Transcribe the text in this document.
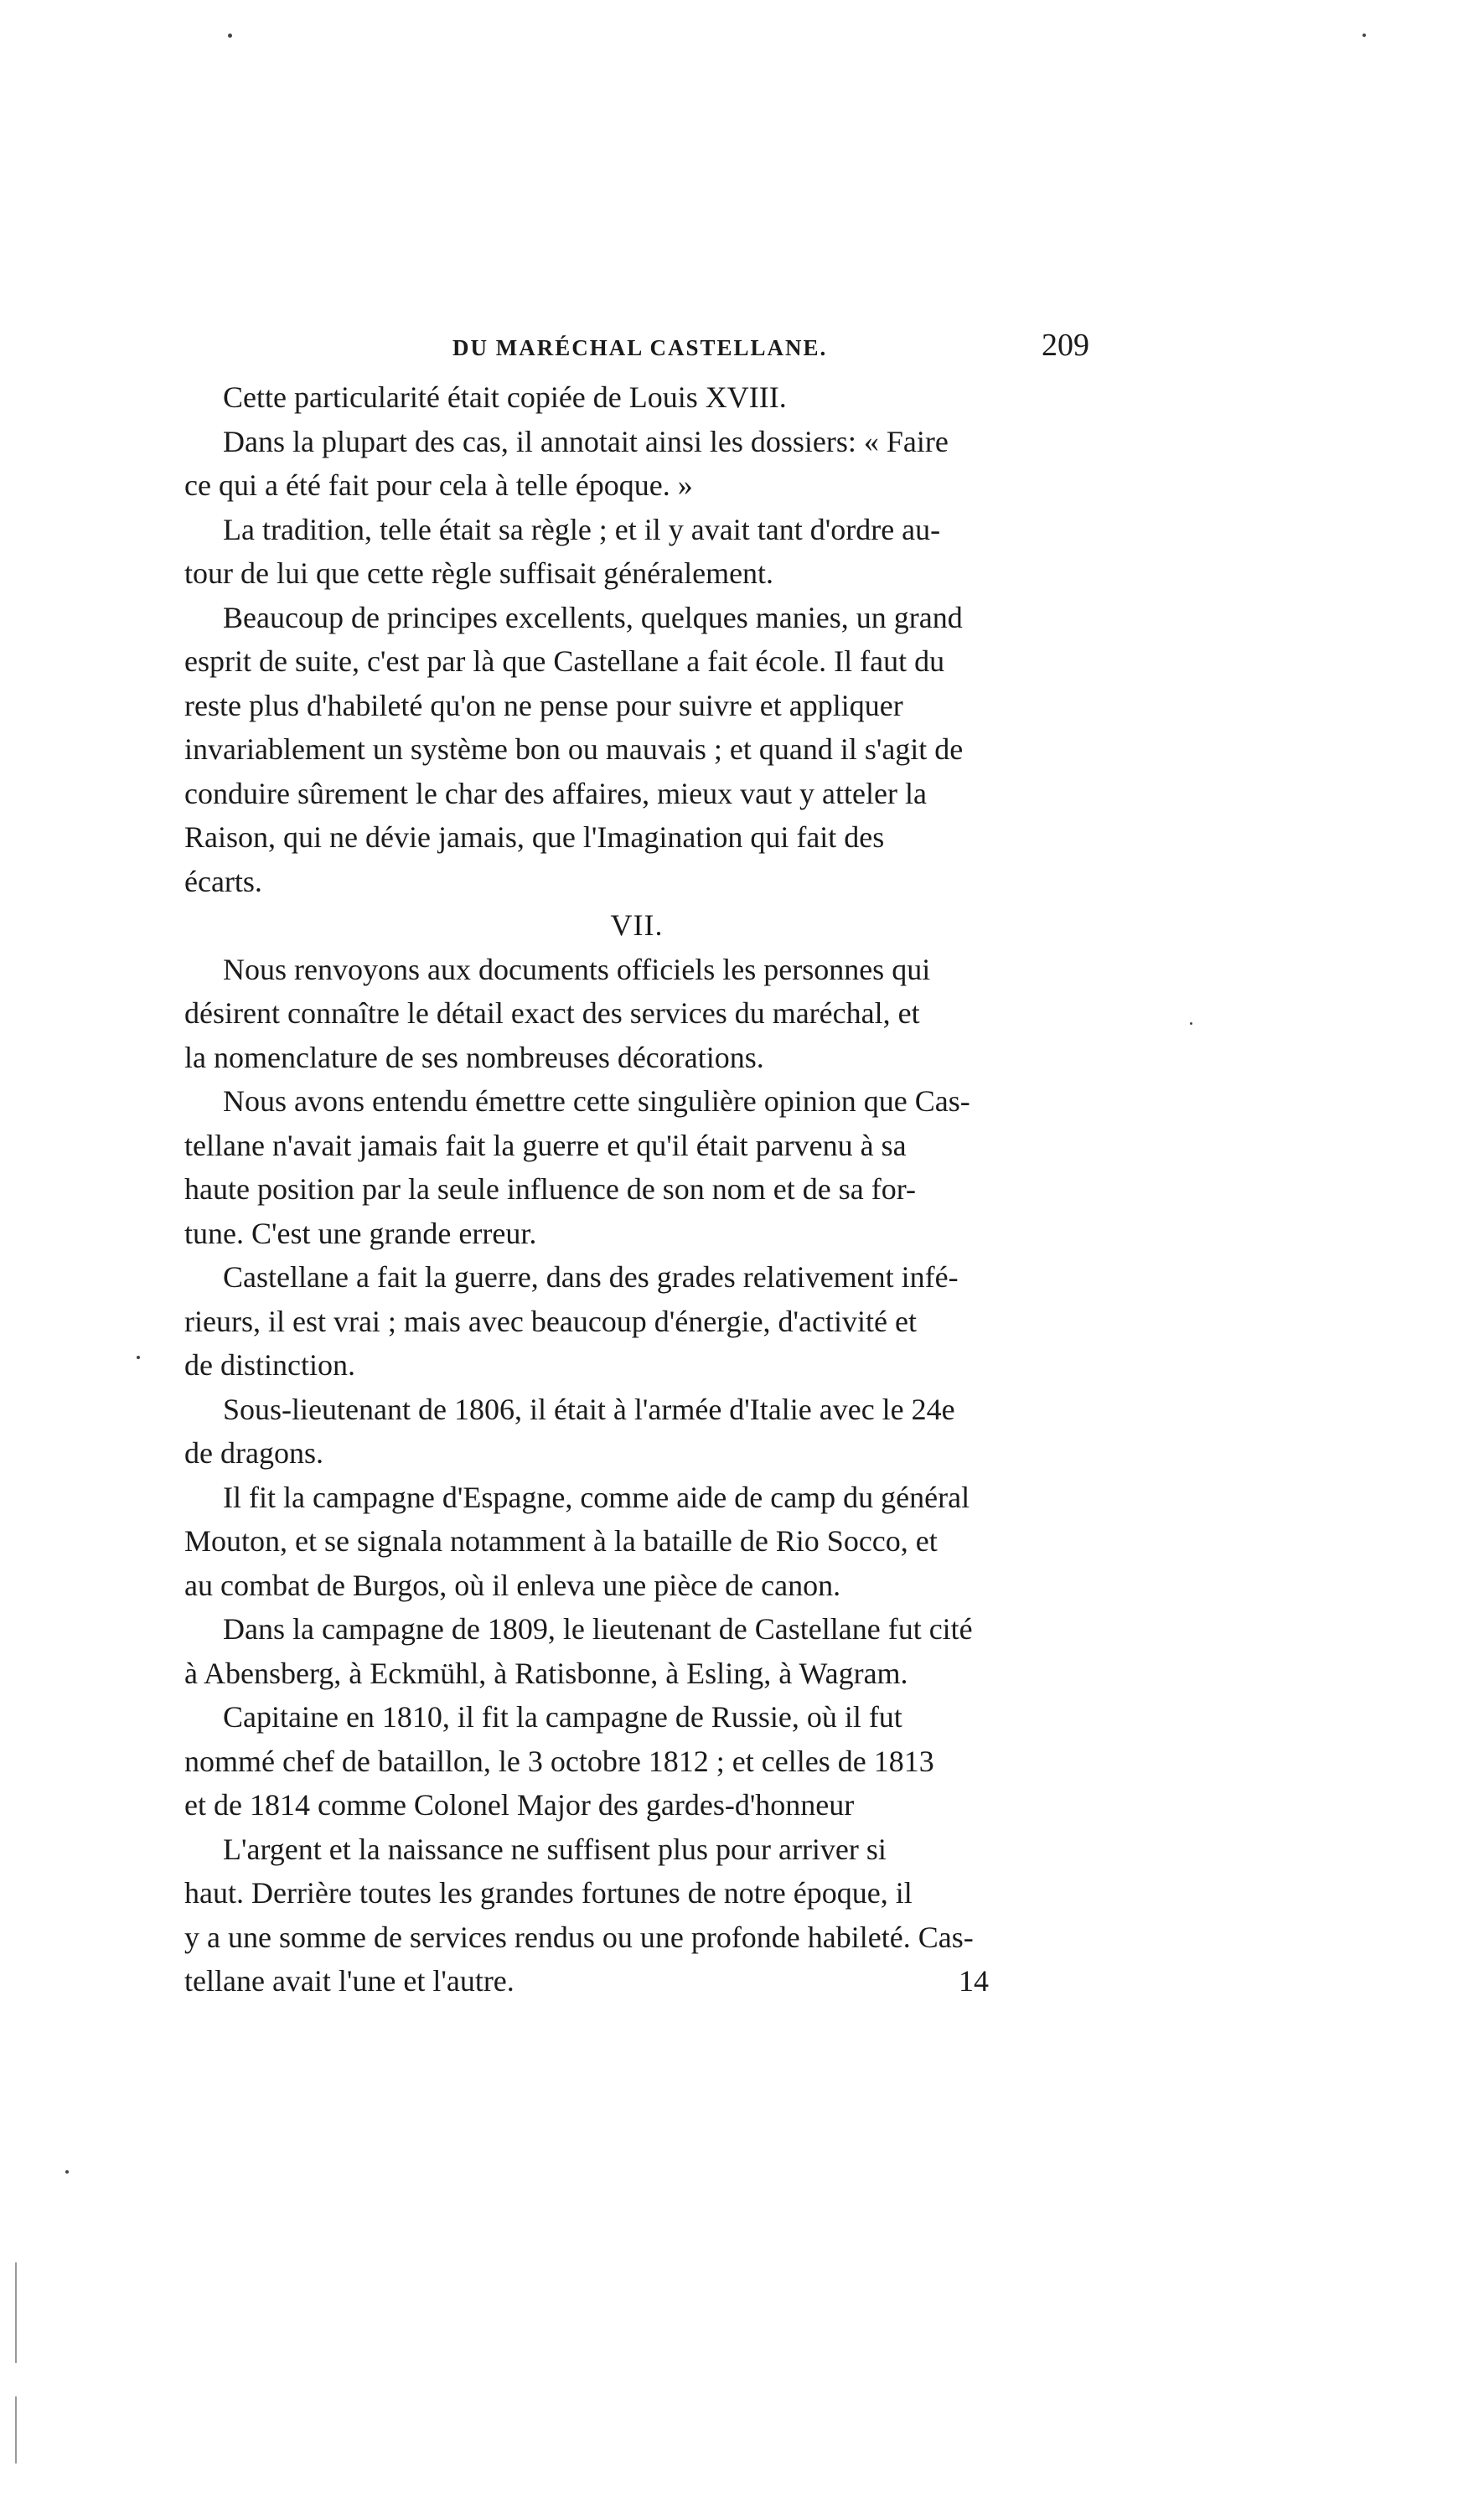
DU MARÉCHAL CASTELLANE.	209
Cette particularité était copiée de Louis XVIII.
Dans la plupart des cas, il annotait ainsi les dossiers: « Faire
ce qui a été fait pour cela à telle époque. »
La tradition, telle était sa règle ; et il y avait tant d'ordre au-
tour de lui que cette règle suffisait généralement.
Beaucoup de principes excellents, quelques manies, un grand
esprit de suite, c'est par là que Castellane a fait école. Il faut du
reste plus d'habileté qu'on ne pense pour suivre et appliquer
invariablement un système bon ou mauvais ; et quand il s'agit de
conduire sûrement le char des affaires, mieux vaut y atteler la
Raison, qui ne dévie jamais, que l'Imagination qui fait des
écarts.
VII.
Nous renvoyons aux documents officiels les personnes qui
désirent connaître le détail exact des services du maréchal, et
la nomenclature de ses nombreuses décorations.
Nous avons entendu émettre cette singulière opinion que Cas-
tellane n'avait jamais fait la guerre et qu'il était parvenu à sa
haute position par la seule influence de son nom et de sa for-
tune. C'est une grande erreur.
Castellane a fait la guerre, dans des grades relativement infé-
rieurs, il est vrai ; mais avec beaucoup d'énergie, d'activité et
de distinction.
Sous-lieutenant de 1806, il était à l'armée d'Italie avec le 24e
de dragons.
Il fit la campagne d'Espagne, comme aide de camp du général
Mouton, et se signala notamment à la bataille de Rio Socco, et
au combat de Burgos, où il enleva une pièce de canon.
Dans la campagne de 1809, le lieutenant de Castellane fut cité
à Abensberg, à Eckmühl, à Ratisbonne, à Esling, à Wagram.
Capitaine en 1810, il fit la campagne de Russie, où il fut
nommé chef de bataillon, le 3 octobre 1812 ; et celles de 1813
et de 1814 comme Colonel Major des gardes-d'honneur
L'argent et la naissance ne suffisent plus pour arriver si
haut. Derrière toutes les grandes fortunes de notre époque, il
y a une somme de services rendus ou une profonde habileté. Cas-
tellane avait l'une et l'autre.	14
